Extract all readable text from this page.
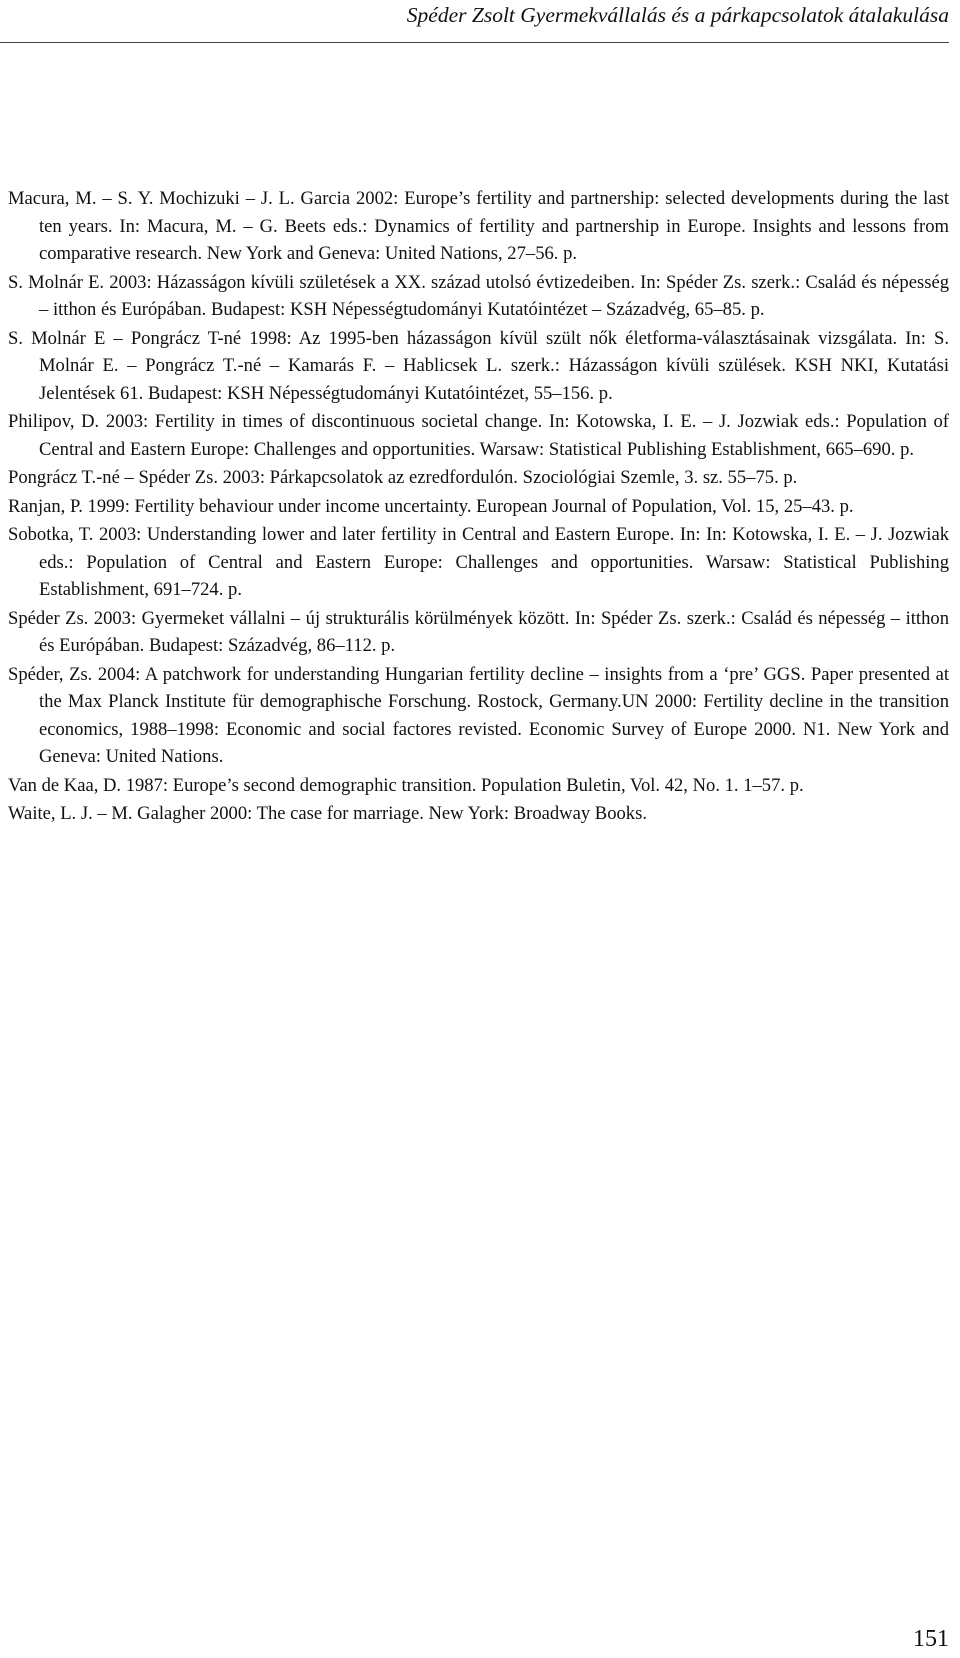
Spéder Zsolt Gyermekvállalás és a párkapcsolatok átalakulása
Macura, M. – S. Y. Mochizuki – J. L. Garcia 2002: Europe’s fertility and partnership: selected developments during the last ten years. In: Macura, M. – G. Beets eds.: Dynamics of fertility and partnership in Europe. Insights and lessons from comparative research. New York and Geneva: United Nations, 27–56. p.
S. Molnár E. 2003: Házasságon kívüli születések a XX. század utolsó évtizedeiben. In: Spéder Zs. szerk.: Család és népesség – itthon és Európában. Budapest: KSH Népességtudományi Kutatóintézet – Századvég, 65–85. p.
S. Molnár E – Pongrácz T-né 1998: Az 1995-ben házasságon kívül szült nők életforma-választásainak vizsgálata. In: S. Molnár E. – Pongrácz T.-né – Kamarás F. – Hablicsek L. szerk.: Házasságon kívüli szülések. KSH NKI, Kutatási Jelentések 61. Budapest: KSH Népességtudományi Kutatóintézet, 55–156. p.
Philipov, D. 2003: Fertility in times of discontinuous societal change. In: Kotowska, I. E. – J. Jozwiak eds.: Population of Central and Eastern Europe: Challenges and opportunities. Warsaw: Statistical Publishing Establishment, 665–690. p.
Pongrácz T.-né – Spéder Zs. 2003: Párkapcsolatok az ezredfordulón. Szociológiai Szemle, 3. sz. 55–75. p.
Ranjan, P. 1999: Fertility behaviour under income uncertainty. European Journal of Population, Vol. 15, 25–43. p.
Sobotka, T. 2003: Understanding lower and later fertility in Central and Eastern Europe. In: In: Kotowska, I. E. – J. Jozwiak eds.: Population of Central and Eastern Europe: Challenges and opportunities. Warsaw: Statistical Publishing Establishment, 691–724. p.
Spéder Zs. 2003: Gyermeket vállalni – új strukturális körülmények között. In: Spéder Zs. szerk.: Család és népesség – itthon és Európában. Budapest: Századvég, 86–112. p.
Spéder, Zs. 2004: A patchwork for understanding Hungarian fertility decline – insights from a ‘pre’ GGS. Paper presented at the Max Planck Institute für demographische Forschung. Rostock, Germany.UN 2000: Fertility decline in the transition economics, 1988–1998: Economic and social factores revisted. Economic Survey of Europe 2000. N1. New York and Geneva: United Nations.
Van de Kaa, D. 1987: Europe’s second demographic transition. Population Buletin, Vol. 42, No. 1. 1–57. p.
Waite, L. J. – M. Galagher 2000: The case for marriage. New York: Broadway Books.
151
